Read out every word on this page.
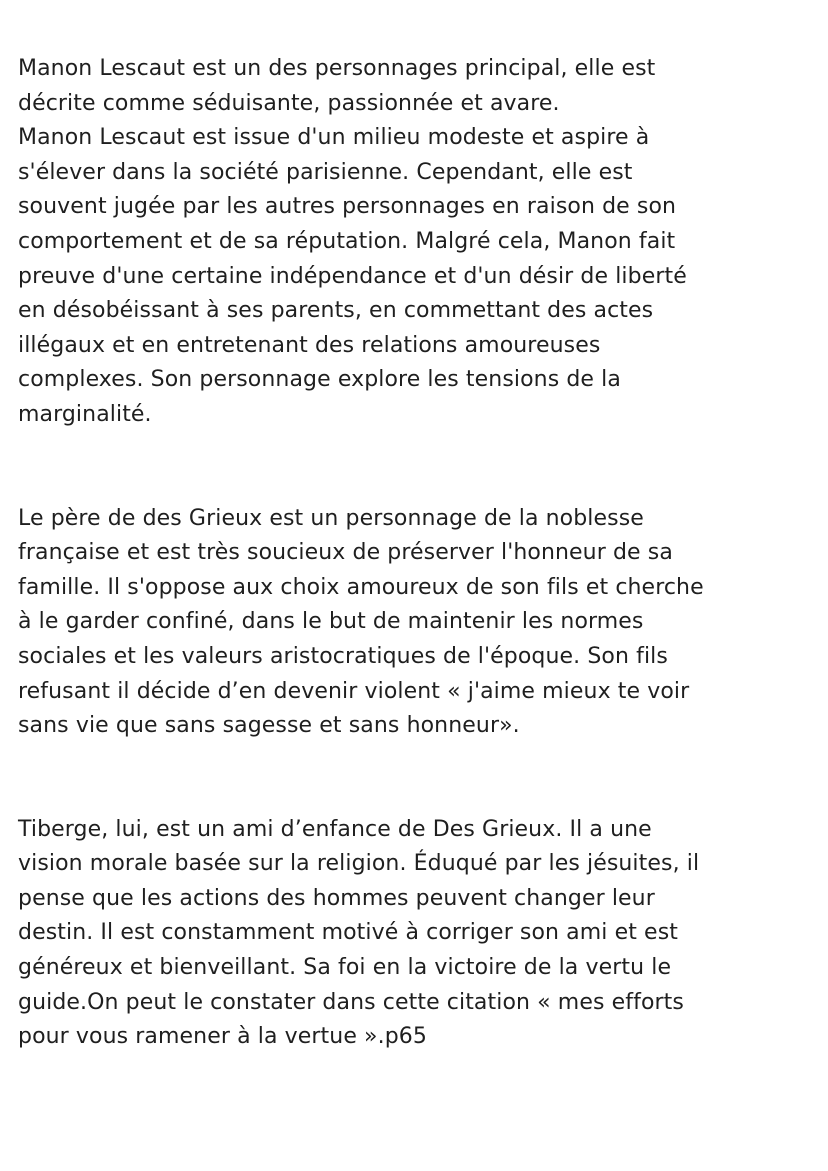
Manon Lescaut est un des personnages principal, elle est
décrite comme séduisante, passionnée et avare.
Manon Lescaut est issue d'un milieu modeste et aspire à
s'élever dans la société parisienne. Cependant, elle est
souvent jugée par les autres personnages en raison de son
comportement et de sa réputation. Malgré cela, Manon fait
preuve d'une certaine indépendance et d'un désir de liberté
en désobéissant à ses parents, en commettant des actes
illégaux et en entretenant des relations amoureuses
complexes. Son personnage explore les tensions de la
marginalité.

Le père de des Grieux est un personnage de la noblesse
française et est très soucieux de préserver l'honneur de sa
famille. Il s'oppose aux choix amoureux de son fils et cherche
à le garder confiné, dans le but de maintenir les normes
sociales et les valeurs aristocratiques de l'époque. Son fils
refusant il décide d’en devenir violent « j'aime mieux te voir
sans vie que sans sagesse et sans honneur».

Tiberge, lui, est un ami d’enfance de Des Grieux. Il a une
vision morale basée sur la religion. Éduqué par les jésuites, il
pense que les actions des hommes peuvent changer leur
destin. Il est constamment motivé à corriger son ami et est
généreux et bienveillant. Sa foi en la victoire de la vertu le
guide.On peut le constater dans cette citation « mes efforts
pour vous ramener à la vertue ».p65
